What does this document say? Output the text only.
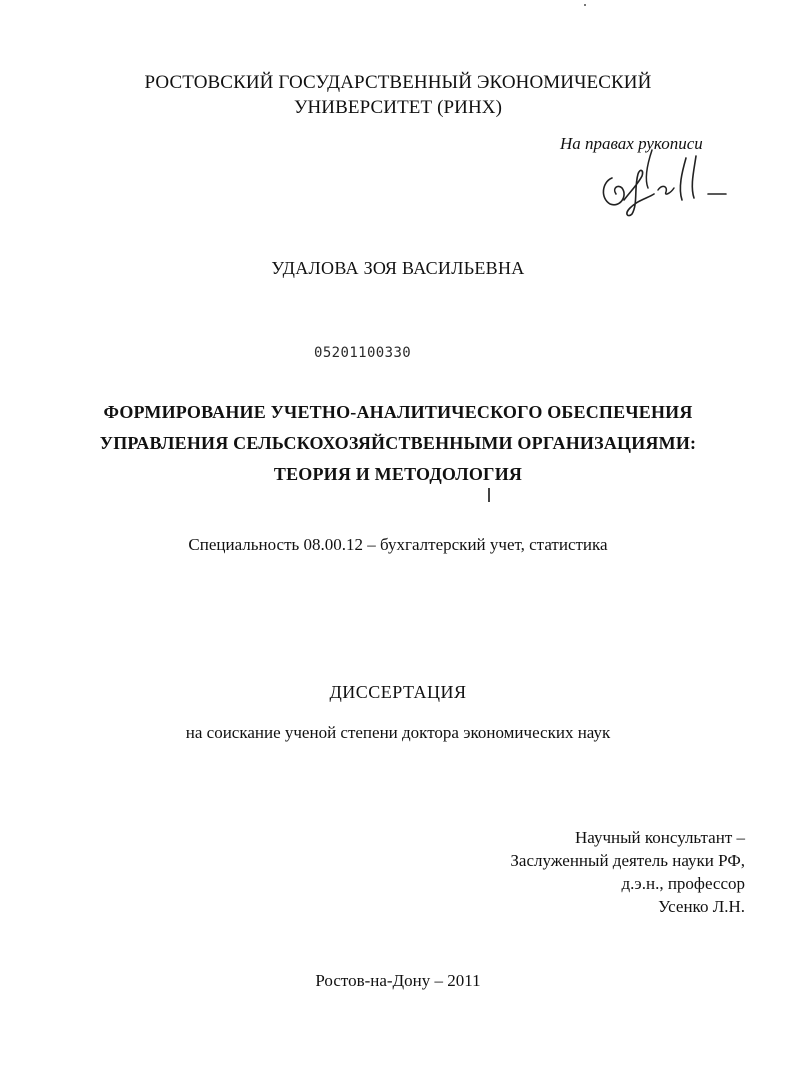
РОСТОВСКИЙ ГОСУДАРСТВЕННЫЙ ЭКОНОМИЧЕСКИЙ
УНИВЕРСИТЕТ (РИНХ)
На правах рукописи
УДАЛОВА ЗОЯ ВАСИЛЬЕВНА
05201100330
ФОРМИРОВАНИЕ УЧЕТНО-АНАЛИТИЧЕСКОГО ОБЕСПЕЧЕНИЯ
УПРАВЛЕНИЯ СЕЛЬСКОХОЗЯЙСТВЕННЫМИ ОРГАНИЗАЦИЯМИ:
ТЕОРИЯ И МЕТОДОЛОГИЯ
Специальность 08.00.12 – бухгалтерский учет, статистика
ДИССЕРТАЦИЯ
на соискание ученой степени доктора экономических наук
Научный консультант –
Заслуженный деятель науки РФ,
д.э.н., профессор
Усенко Л.Н.
Ростов-на-Дону – 2011
